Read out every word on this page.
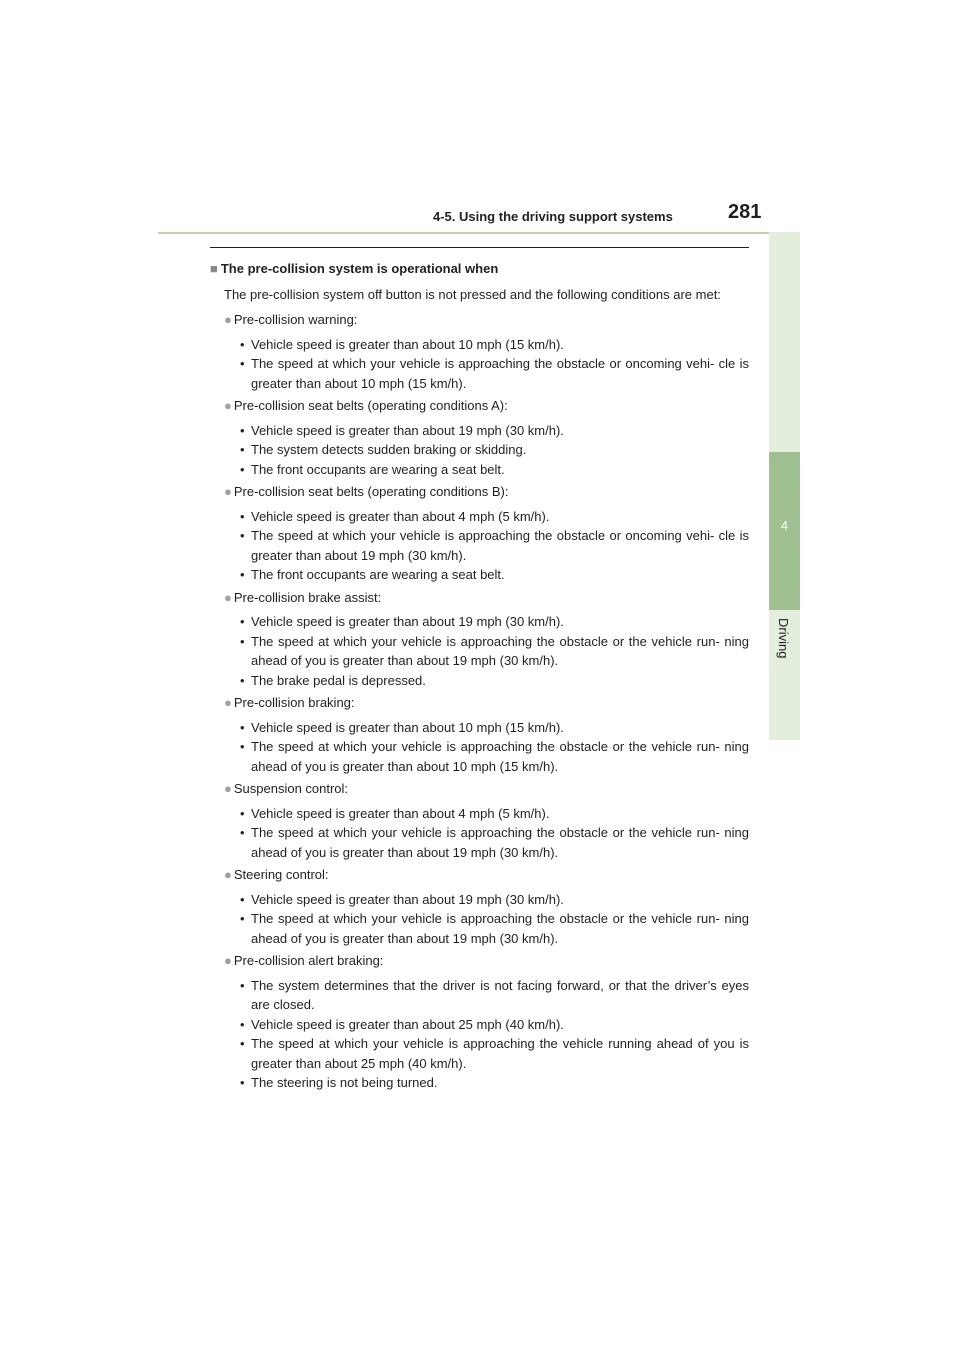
4-5. Using the driving support systems	281
4
Driving
■ The pre-collision system is operational when
The pre-collision system off button is not pressed and the following conditions are met:
● Pre-collision warning:
• Vehicle speed is greater than about 10 mph (15 km/h).
• The speed at which your vehicle is approaching the obstacle or oncoming vehi- cle is greater than about 10 mph (15 km/h).
● Pre-collision seat belts (operating conditions A):
• Vehicle speed is greater than about 19 mph (30 km/h).
• The system detects sudden braking or skidding.
• The front occupants are wearing a seat belt.
● Pre-collision seat belts (operating conditions B):
• Vehicle speed is greater than about 4 mph (5 km/h).
• The speed at which your vehicle is approaching the obstacle or oncoming vehi- cle is greater than about 19 mph (30 km/h).
• The front occupants are wearing a seat belt.
● Pre-collision brake assist:
• Vehicle speed is greater than about 19 mph (30 km/h).
• The speed at which your vehicle is approaching the obstacle or the vehicle run- ning ahead of you is greater than about 19 mph (30 km/h).
• The brake pedal is depressed.
● Pre-collision braking:
• Vehicle speed is greater than about 10 mph (15 km/h).
• The speed at which your vehicle is approaching the obstacle or the vehicle run- ning ahead of you is greater than about 10 mph (15 km/h).
● Suspension control:
• Vehicle speed is greater than about 4 mph (5 km/h).
• The speed at which your vehicle is approaching the obstacle or the vehicle run- ning ahead of you is greater than about 19 mph (30 km/h).
● Steering control:
• Vehicle speed is greater than about 19 mph (30 km/h).
• The speed at which your vehicle is approaching the obstacle or the vehicle run- ning ahead of you is greater than about 19 mph (30 km/h).
● Pre-collision alert braking:
• The system determines that the driver is not facing forward, or that the driver’s eyes are closed.
• Vehicle speed is greater than about 25 mph (40 km/h).
• The speed at which your vehicle is approaching the vehicle running ahead of you is greater than about 25 mph (40 km/h).
• The steering is not being turned.
